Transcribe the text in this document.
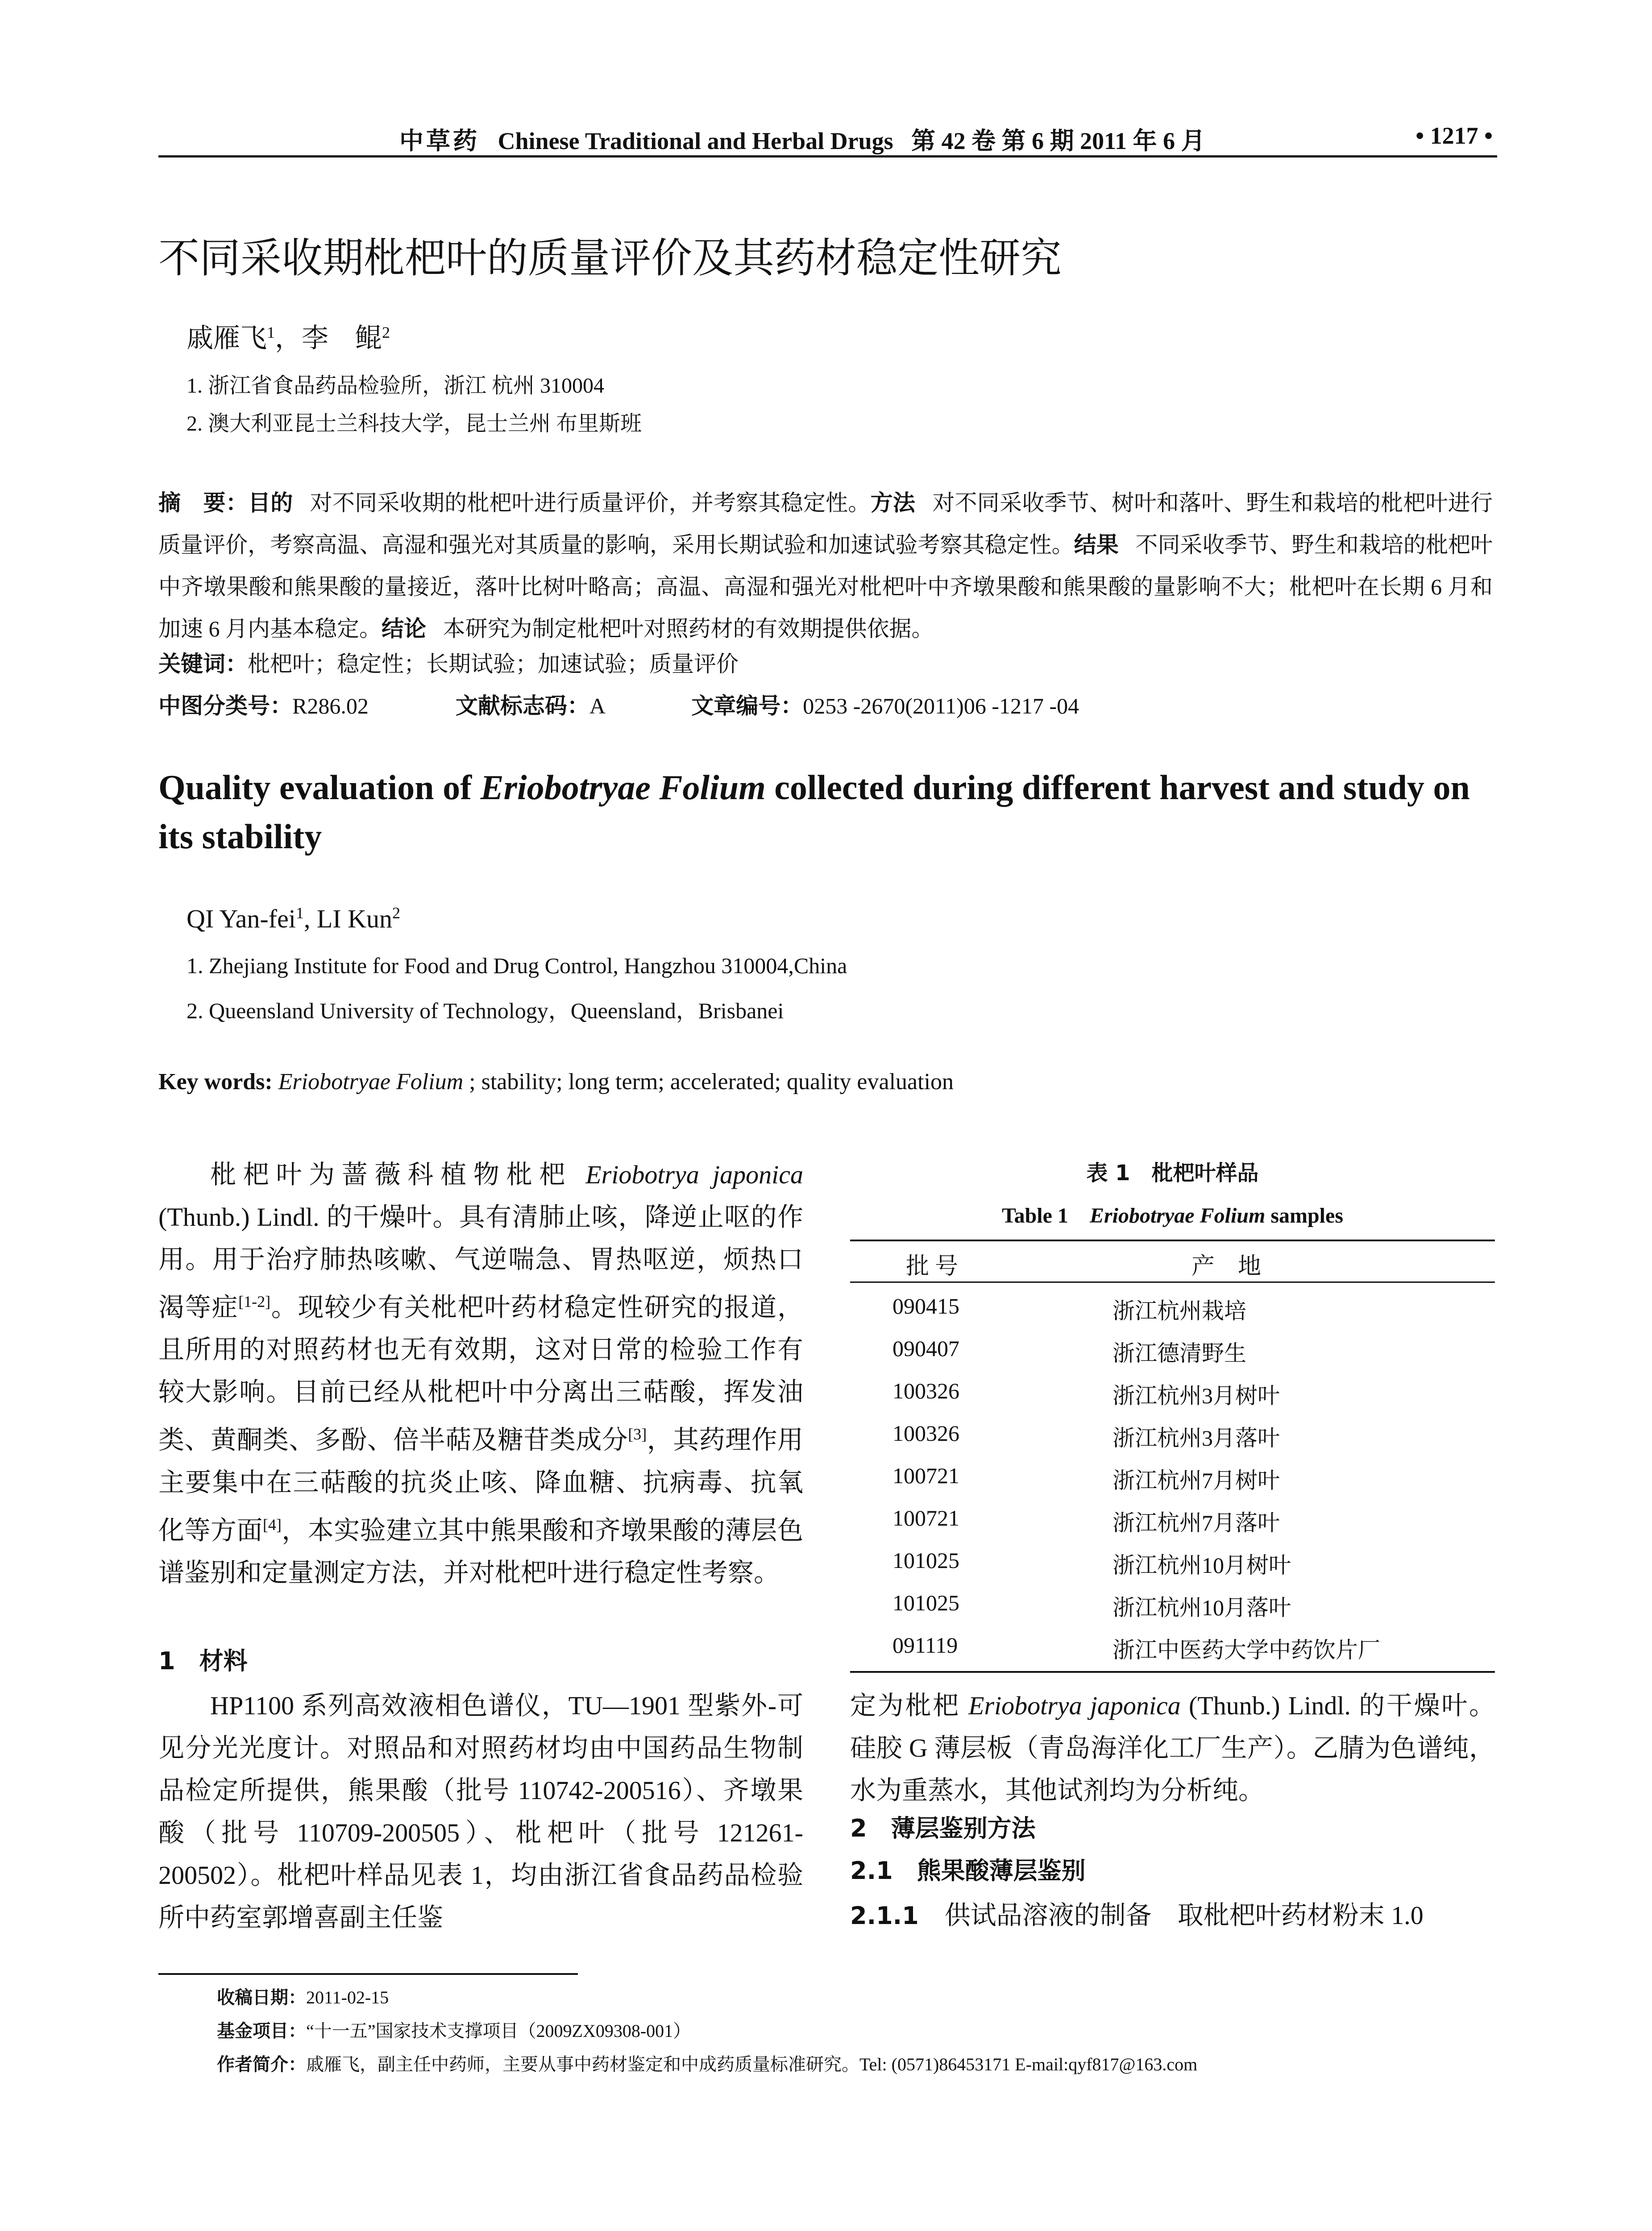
中草药 Chinese Traditional and Herbal Drugs 第 42 卷 第 6 期 2011 年 6 月	• 1217 •
不同采收期枇杷叶的质量评价及其药材稳定性研究
戚雁飞$^1$，李　鲲$^2$
1. 浙江省食品药品检验所，浙江 杭州 310004
2. 澳大利亚昆士兰科技大学，昆士兰州 布里斯班
摘　要：目的 对不同采收期的枇杷叶进行质量评价，并考察其稳定性。方法 对不同采收季节、树叶和落叶、野生和栽培的枇杷叶进行质量评价，考察高温、高湿和强光对其质量的影响，采用长期试验和加速试验考察其稳定性。结果 不同采收季节、野生和栽培的枇杷叶中齐墩果酸和熊果酸的量接近，落叶比树叶略高；高温、高湿和强光对枇杷叶中齐墩果酸和熊果酸的量影响不大；枇杷叶在长期 6 月和加速 6 月内基本稳定。结论 本研究为制定枇杷叶对照药材的有效期提供依据。
关键词：枇杷叶；稳定性；长期试验；加速试验；质量评价
中图分类号：R286.02	文献标志码：A	文章编号：0253 -2670(2011)06 -1217 -04
Quality evaluation of Eriobotryae Folium collected during different harvest and study on its stability
QI Yan-fei$^1$, LI Kun$^2$
1. Zhejiang Institute for Food and Drug Control, Hangzhou 310004,China
2. Queensland University of Technology，Queensland，Brisbanei
Key words: Eriobotryae Folium ; stability; long term; accelerated; quality evaluation
枇杷叶为蔷薇科植物枇杷 Eriobotrya japonica (Thunb.) Lindl. 的干燥叶。具有清肺止咳，降逆止呕的作用。用于治疗肺热咳嗽、气逆喘急、胃热呕逆，烦热口渴等症[1-2]。现较少有关枇杷叶药材稳定性研究的报道，且所用的对照药材也无有效期，这对日常的检验工作有较大影响。目前已经从枇杷叶中分离出三萜酸，挥发油类、黄酮类、多酚、倍半萜及糖苷类成分[3]，其药理作用主要集中在三萜酸的抗炎止咳、降血糖、抗病毒、抗氧化等方面[4]，本实验建立其中熊果酸和齐墩果酸的薄层色谱鉴别和定量测定方法，并对枇杷叶进行稳定性考察。
1　材料
HP1100 系列高效液相色谱仪，TU—1901 型紫外-可见分光光度计。对照品和对照药材均由中国药品生物制品检定所提供，熊果酸（批号 110742-200516）、齐墩果酸（批号 110709-200505）、枇杷叶（批号 121261-200502）。枇杷叶样品见表 1，均由浙江省食品药品检验所中药室郭增喜副主任鉴
表 1　枇杷叶样品
Table 1　Eriobotryae Folium samples
批 号	产　地
090415	浙江杭州栽培
090407	浙江德清野生
100326	浙江杭州3月树叶
100326	浙江杭州3月落叶
100721	浙江杭州7月树叶
100721	浙江杭州7月落叶
101025	浙江杭州10月树叶
101025	浙江杭州10月落叶
091119	浙江中医药大学中药饮片厂
定为枇杷 Eriobotrya japonica (Thunb.) Lindl. 的干燥叶。硅胶 G 薄层板（青岛海洋化工厂生产）。乙腈为色谱纯，水为重蒸水，其他试剂均为分析纯。
2　薄层鉴别方法
2.1　熊果酸薄层鉴别
2.1.1　供试品溶液的制备　取枇杷叶药材粉末 1.0
收稿日期：2011-02-15
基金项目：“十一五”国家技术支撑项目（2009ZX09308-001）
作者简介：戚雁飞，副主任中药师，主要从事中药材鉴定和中成药质量标准研究。Tel: (0571)86453171 E-mail:qyf817@163.com
